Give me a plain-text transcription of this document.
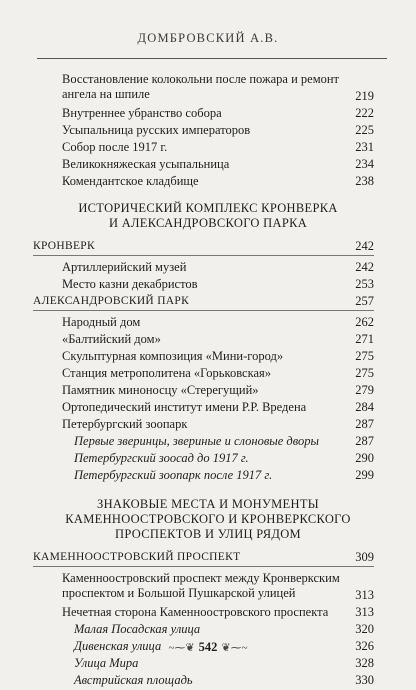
ДОМБРОВСКИЙ А.В.
Восстановление колокольни после пожара и ремонт ангела на шпиле	219
Внутреннее убранство собора	222
Усыпальница русских императоров	225
Собор после 1917 г.	231
Великокняжеская усыпальница	234
Комендантское кладбище	238
ИСТОРИЧЕСКИЙ КОМПЛЕКС КРОНВЕРКА
И АЛЕКСАНДРОВСКОГО ПАРКА
КРОНВЕРК	242
Артиллерийский музей	242
Место казни декабристов	253
АЛЕКСАНДРОВСКИЙ ПАРК	257
Народный дом	262
«Балтийский дом»	271
Скульптурная композиция «Мини-город»	275
Станция метрополитена «Горьковская»	275
Памятник миноносцу «Стерегущий»	279
Ортопедический институт имени Р.Р. Вредена	284
Петербургский зоопарк	287
Первые зверинцы, звериные и слоновые дворы	287
Петербургский зоосад до 1917 г.	290
Петербургский зоопарк после 1917 г.	299
ЗНАКОВЫЕ МЕСТА И МОНУМЕНТЫ
КАМЕННООСТРОВСКОГО И КРОНВЕРКСКОГО
ПРОСПЕКТОВ И УЛИЦ РЯДОМ
КАМЕННООСТРОВСКИЙ ПРОСПЕКТ	309
Каменноостровский проспект между Кронверкским проспектом и Большой Пушкарской улицей	313
Нечетная сторона Каменноостровского проспекта 313
Малая Посадская улица	320
Дивенская улица	326
Улица Мира	328
Австрийская площадь	330
~⁓❦ 542 ❦⁓~
